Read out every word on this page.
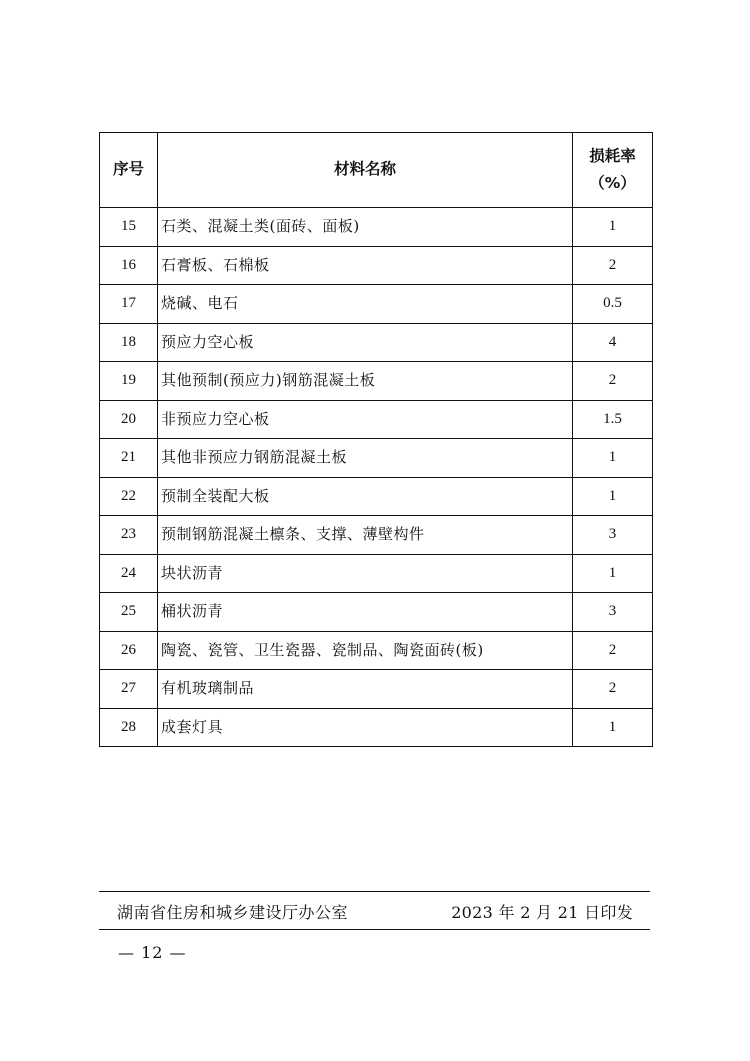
序号	材料名称	损耗率
（%）

15	石类、混凝土类(面砖、面板)	1
16	石膏板、石棉板	2
17	烧碱、电石	0.5
18	预应力空心板	4
19	其他预制(预应力)钢筋混凝土板	2
20	非预应力空心板	1.5
21	其他非预应力钢筋混凝土板	1
22	预制全装配大板	1
23	预制钢筋混凝土檩条、支撑、薄壁构件	3
24	块状沥青	1
25	桶状沥青	3
26	陶瓷、瓷管、卫生瓷器、瓷制品、陶瓷面砖(板)	2
27	有机玻璃制品	2
28	成套灯具	1
湖南省住房和城乡建设厅办公室	2023 年 2 月 21 日印发
— 12 —
